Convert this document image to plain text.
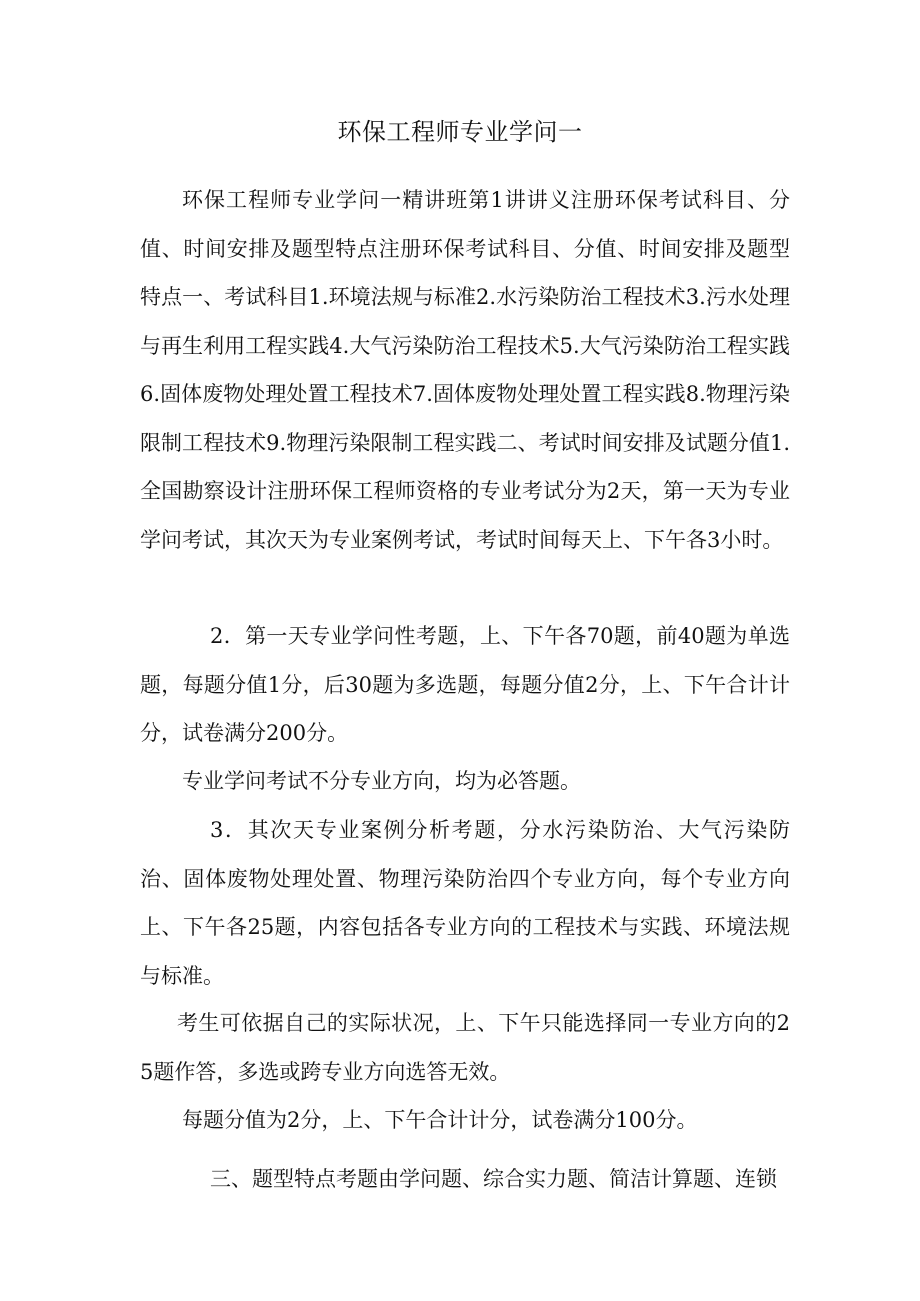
环保工程师专业学问一
环保工程师专业学问一精讲班第1讲讲义注册环保考试科目、分值、时间安排及题型特点注册环保考试科目、分值、时间安排及题型特点一、考试科目1.环境法规与标准2.水污染防治工程技术3.污水处理与再生利用工程实践4.大气污染防治工程技术5.大气污染防治工程实践6.固体废物处理处置工程技术7.固体废物处理处置工程实践8.物理污染限制工程技术9.物理污染限制工程实践二、考试时间安排及试题分值1.全国勘察设计注册环保工程师资格的专业考试分为2天，第一天为专业学问考试，其次天为专业案例考试，考试时间每天上、下午各3小时。
2．第一天专业学问性考题，上、下午各70题，前40题为单选题，每题分值1分，后30题为多选题，每题分值2分，上、下午合计计分，试卷满分200分。
专业学问考试不分专业方向，均为必答题。
3．其次天专业案例分析考题，分水污染防治、大气污染防治、固体废物处理处置、物理污染防治四个专业方向，每个专业方向上、下午各25题，内容包括各专业方向的工程技术与实践、环境法规与标准。
考生可依据自己的实际状况，上、下午只能选择同一专业方向的25题作答，多选或跨专业方向选答无效。
每题分值为2分，上、下午合计计分，试卷满分100分。
三、题型特点考题由学问题、综合实力题、简洁计算题、连锁
